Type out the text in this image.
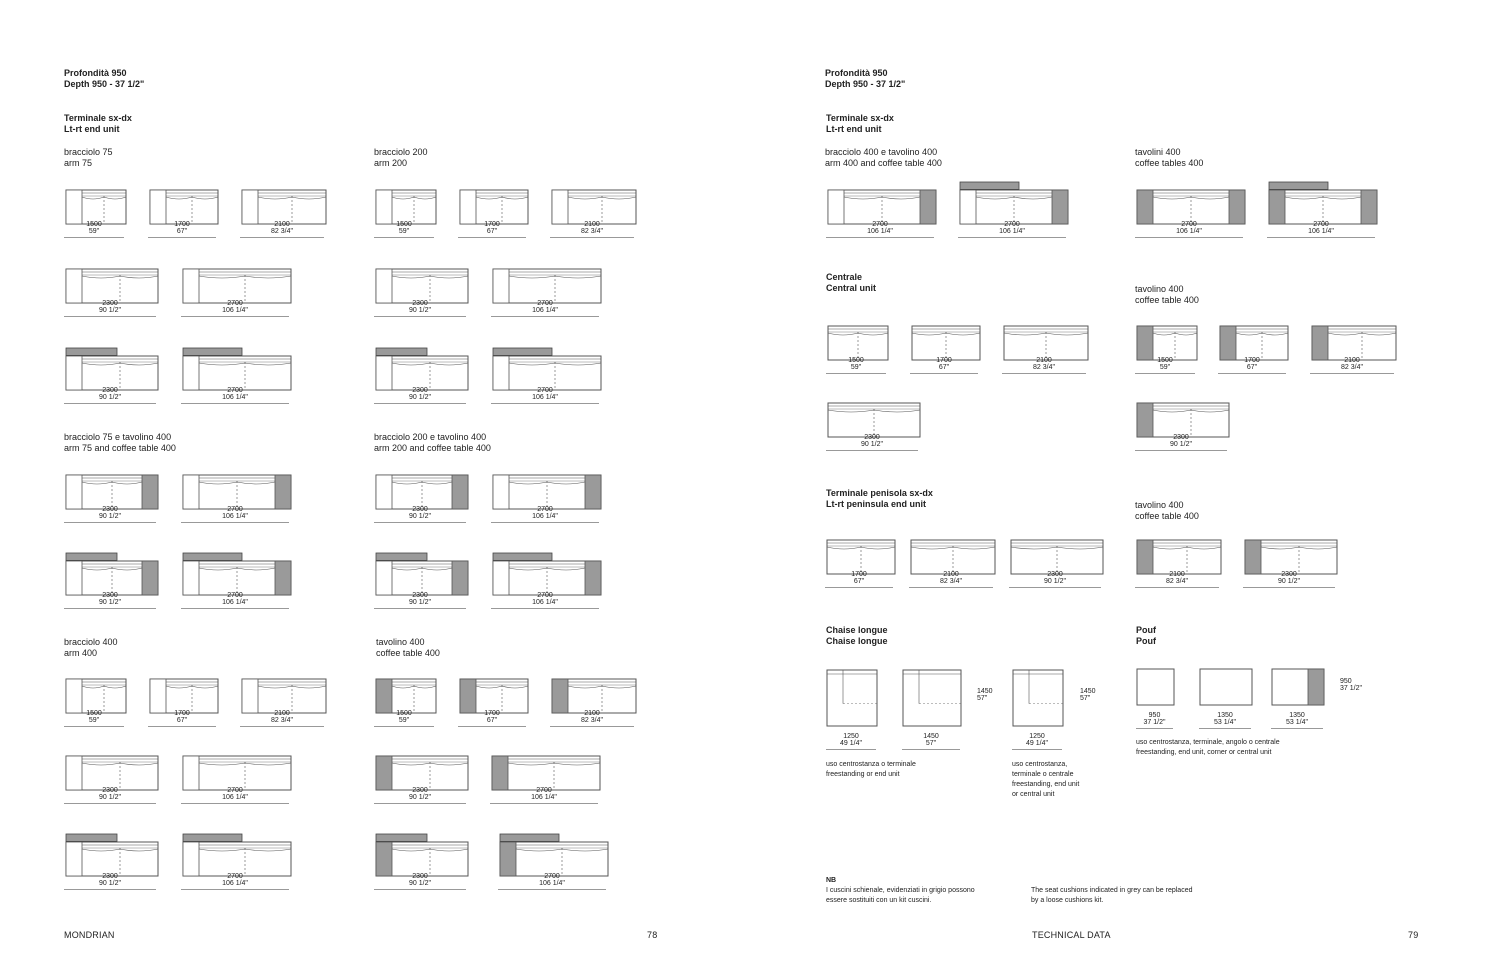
Profondità 950
Depth 950 - 37 1/2"
Terminale sx-dx
Lt-rt end unit
bracciolo 75
arm 75
bracciolo 200
arm 200
bracciolo 75 e tavolino 400
arm 75 and coffee table 400
bracciolo 200 e tavolino 400
arm 200 and coffee table 400
bracciolo 400
arm 400
tavolino 400
coffee table 400
Profondità 950
Depth 950 - 37 1/2"
Terminale sx-dx
Lt-rt end unit
bracciolo 400 e tavolino 400
arm 400 and coffee table 400
tavolini 400
coffee tables 400
Centrale
Central unit	tavolino 400
coffee table 400
Terminale penisola sx-dx
Lt-rt peninsula end unit	tavolino 400
coffee table 400
Chaise longue
Chaise longue
Pouf
Pouf
uso centrostanza o terminale
freestanding or end unit
uso centrostanza,
terminale o centrale
freestanding, end unit
or central unit
uso centrostanza, terminale, angolo o centrale
freestanding, end unit, corner or central unit
NB
I cuscini schienale, evidenziati in grigio possono
essere sostituiti con un kit cuscini.
The seat cushions indicated in grey can be replaced
by a loose cushions kit.
MONDRIAN	78	TECHNICAL DATA	79
1500
59"
1700
67"
2100
82 3/4"
2300
90 1/2"
2700
106 1/4"
2300
90 1/2"
2700
106 1/4"
1500
59"
1700
67"
2100
82 3/4"
2300
90 1/2"
2700
106 1/4"
2300
90 1/2"
2700
106 1/4"
2300
90 1/2"
2700
106 1/4"
2300
90 1/2"
2700
106 1/4"
2300
90 1/2"
2700
106 1/4"
2300
90 1/2"
2700
106 1/4"
1500
59"
1700
67"
2100
82 3/4"
2300
90 1/2"
2700
106 1/4"
2300
90 1/2"
2700
106 1/4"
1500
59"
1700
67"
2100
82 3/4"
2300
90 1/2"
2700
106 1/4"
2300
90 1/2"
2700
106 1/4"
2700
106 1/4"
2700
106 1/4"
2700
106 1/4"
2700
106 1/4"
1500
59"
1700
67"
2100
82 3/4"
2300
90 1/2"
1500
59"
1700
67"
2100
82 3/4"
2300
90 1/2"
1700
67"
2100
82 3/4"
2300
90 1/2"
2100
82 3/4"
2300
90 1/2"
1250
49 1/4"
1450
57"
1450
57"
1250
49 1/4"
1450
57"
950
37 1/2"
1350
53 1/4"
1350
53 1/4"
950
37 1/2"
